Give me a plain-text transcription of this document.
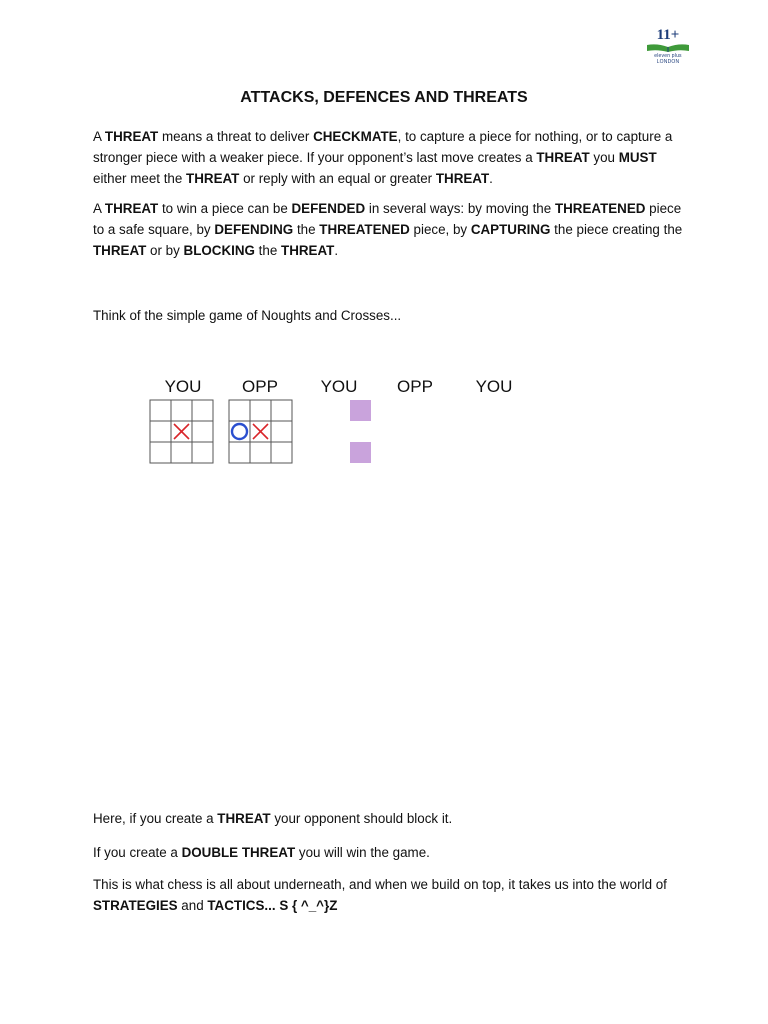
11+
eleven plus
LONDON
ATTACKS, DEFENCES AND THREATS

A THREAT means a threat to deliver CHECKMATE, to capture a piece for nothing, or to capture a stronger piece with a weaker piece. If your opponent’s last move creates a THREAT you MUST either meet the THREAT or reply with an equal or greater THREAT.

A THREAT to win a piece can be DEFENDED in several ways: by moving the THREATENED piece to a safe square, by DEFENDING the THREATENED piece, by CAPTURING the piece creating the THREAT or by BLOCKING the THREAT.

Think of the simple game of Noughts and Crosses...

YOU OPP	YOU OPP	YOU

Here, if you create a THREAT your opponent should block it.

If you create a DOUBLE THREAT you will win the game.

This is what chess is all about underneath, and when we build on top, it takes us into the world of STRATEGIES and TACTICS... S { ^_^}Z
